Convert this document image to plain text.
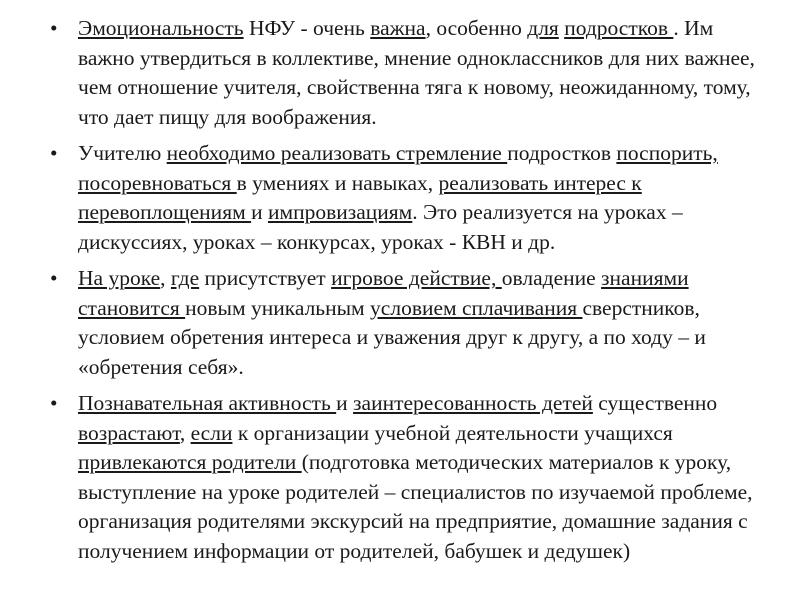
• Эмоциональность НФУ - очень важна, особенно для подростков . Им важно утвердиться в коллективе, мнение одноклассников для них важнее, чем отношение учителя, свойственна тяга к новому, неожиданному, тому, что дает пищу для воображения.
• Учителю необходимо реализовать стремление подростков поспорить, посоревноваться в умениях и навыках, реализовать интерес к перевоплощениям и импровизациям. Это реализуется на уроках – дискуссиях, уроках – конкурсах, уроках - КВН и др.
• На уроке, где присутствует игровое действие, овладение знаниями становится новым уникальным условием сплачивания сверстников, условием обретения интереса и уважения друг к другу, а по ходу – и «обретения себя».
• Познавательная активность и заинтересованность детей существенно возрастают, если к организации учебной деятельности учащихся привлекаются родители (подготовка методических материалов к уроку, выступление на уроке родителей – специалистов по изучаемой проблеме, организация родителями экскурсий на предприятие, домашние задания с получением информации от родителей, бабушек и дедушек)
